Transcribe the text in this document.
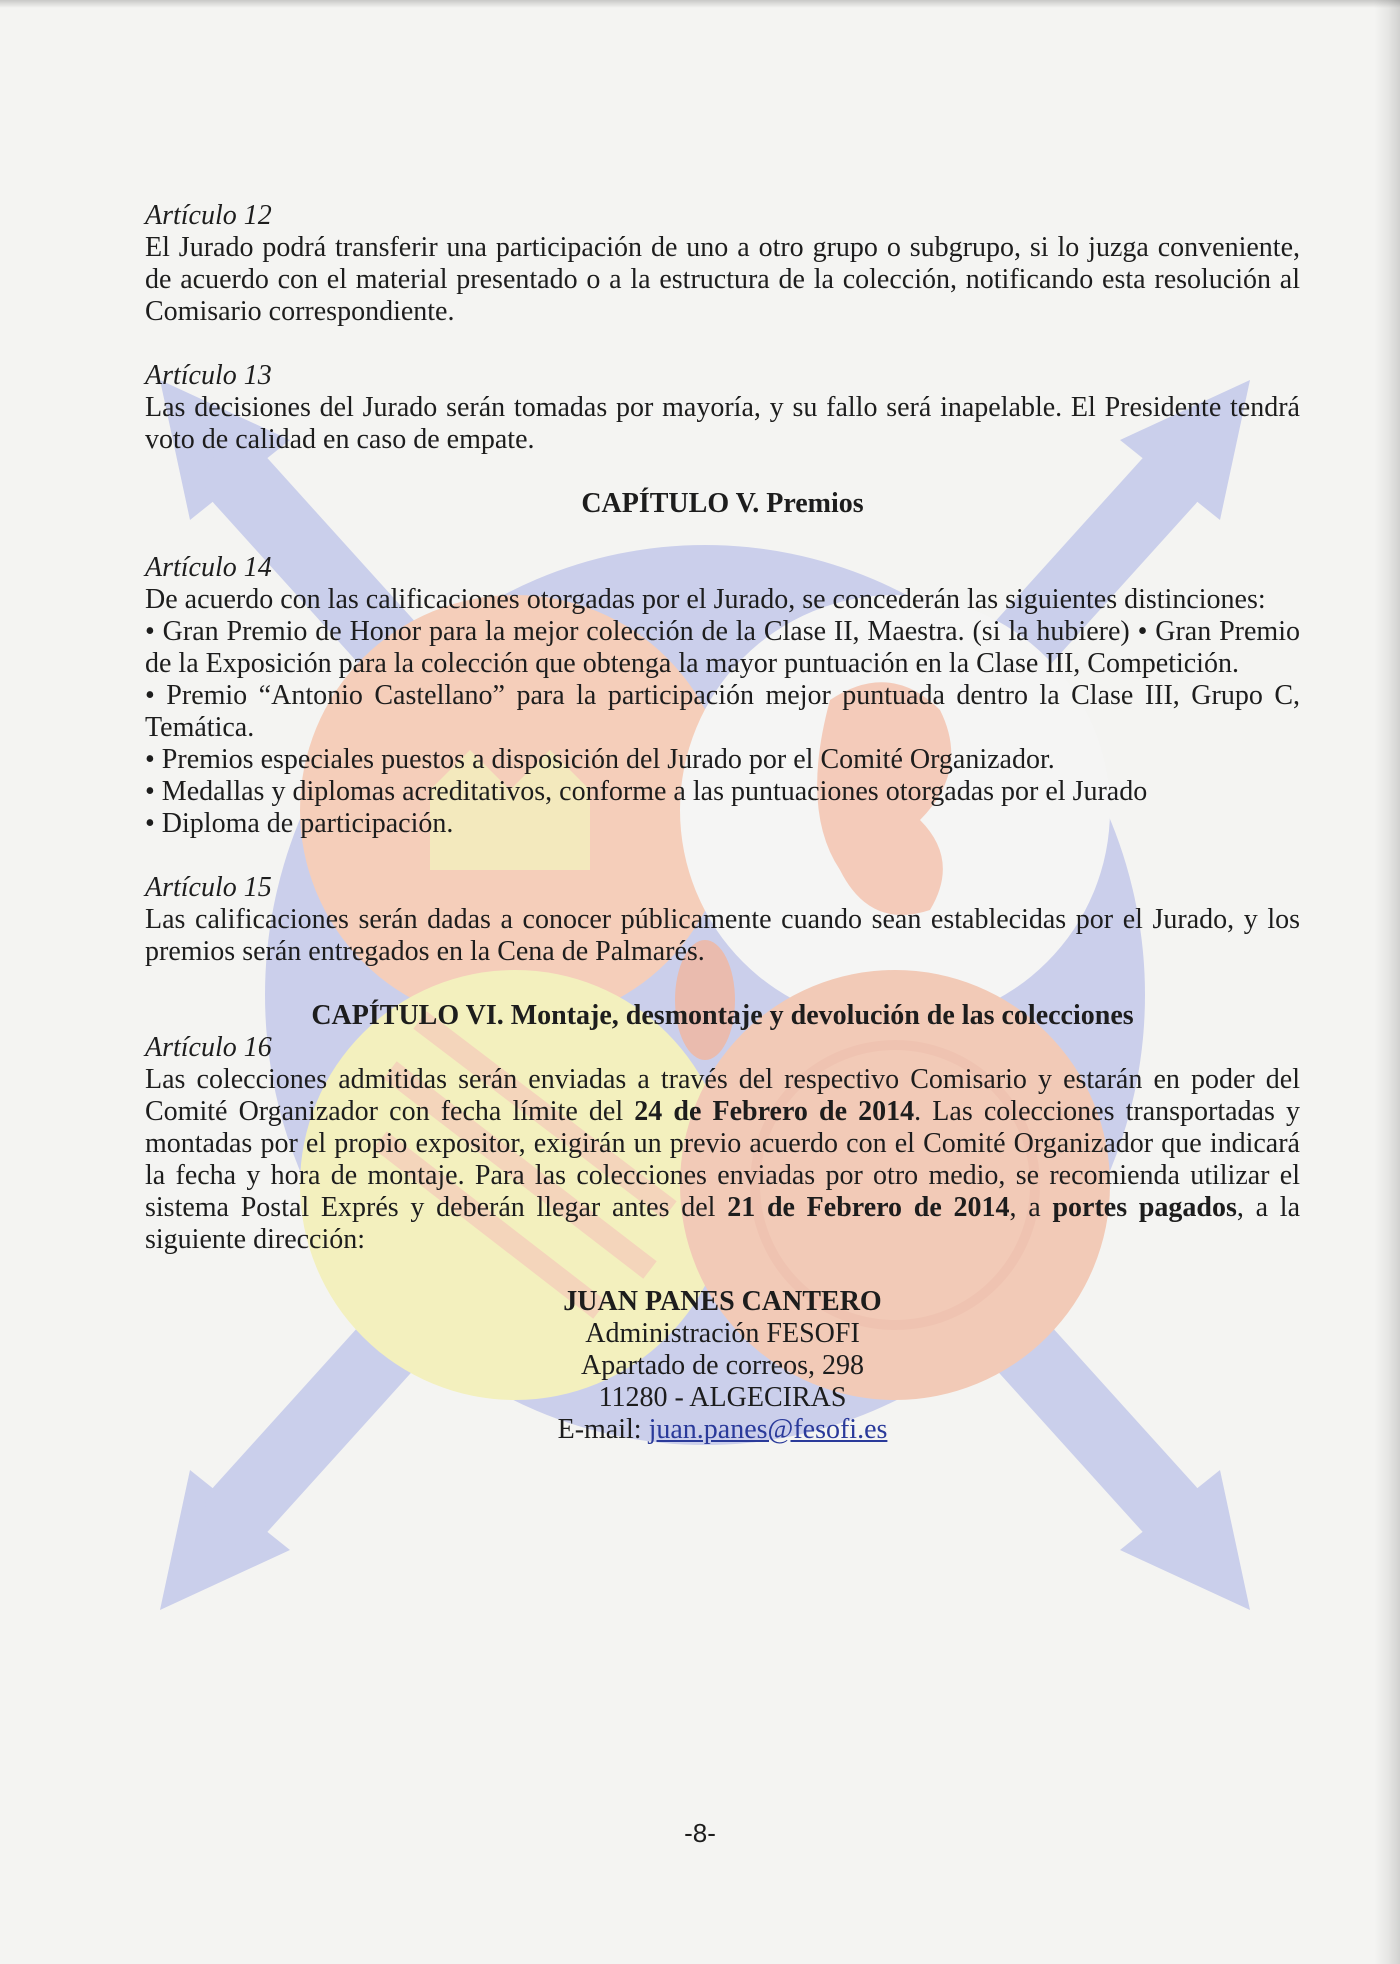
Artículo 12

El Jurado podrá transferir una participación de uno a otro grupo o subgrupo, si lo juzga conveniente, de acuerdo con el material presentado o a la estructura de la colección, notificando esta resolución al Comisario correspondiente.

Artículo 13

Las decisiones del Jurado serán tomadas por mayoría, y su fallo será inapelable. El Presidente tendrá voto de calidad en caso de empate.

CAPÍTULO V. Premios

Artículo 14

De acuerdo con las calificaciones otorgadas por el Jurado, se concederán las siguientes distinciones:

• Gran Premio de Honor para la mejor colección de la Clase II, Maestra. (si la hubiere) • Gran Premio de la Exposición para la colección que obtenga la mayor puntuación en la Clase III, Competición.

• Premio “Antonio Castellano” para la participación mejor puntuada dentro la Clase III, Grupo C, Temática.

• Premios especiales puestos a disposición del Jurado por el Comité Organizador.

• Medallas y diplomas acreditativos, conforme a las puntuaciones otorgadas por el Jurado

• Diploma de participación.

Artículo 15

Las calificaciones serán dadas a conocer públicamente cuando sean establecidas por el Jurado, y los premios serán entregados en la Cena de Palmarés.

CAPÍTULO VI. Montaje, desmontaje y devolución de las colecciones

Artículo 16

Las colecciones admitidas serán enviadas a través del respectivo Comisario y estarán en poder del Comité Organizador con fecha límite del 24 de Febrero de 2014. Las colecciones transportadas y montadas por el propio expositor, exigirán un previo acuerdo con el Comité Organizador que indicará la fecha y hora de montaje. Para las colecciones enviadas por otro medio, se recomienda utilizar el sistema Postal Exprés y deberán llegar antes del 21 de Febrero de 2014, a portes pagados, a la siguiente dirección:

JUAN PANES CANTERO
Administración FESOFI
Apartado de correos, 298
11280 - ALGECIRAS
E-mail: juan.panes@fesofi.es
-8-
